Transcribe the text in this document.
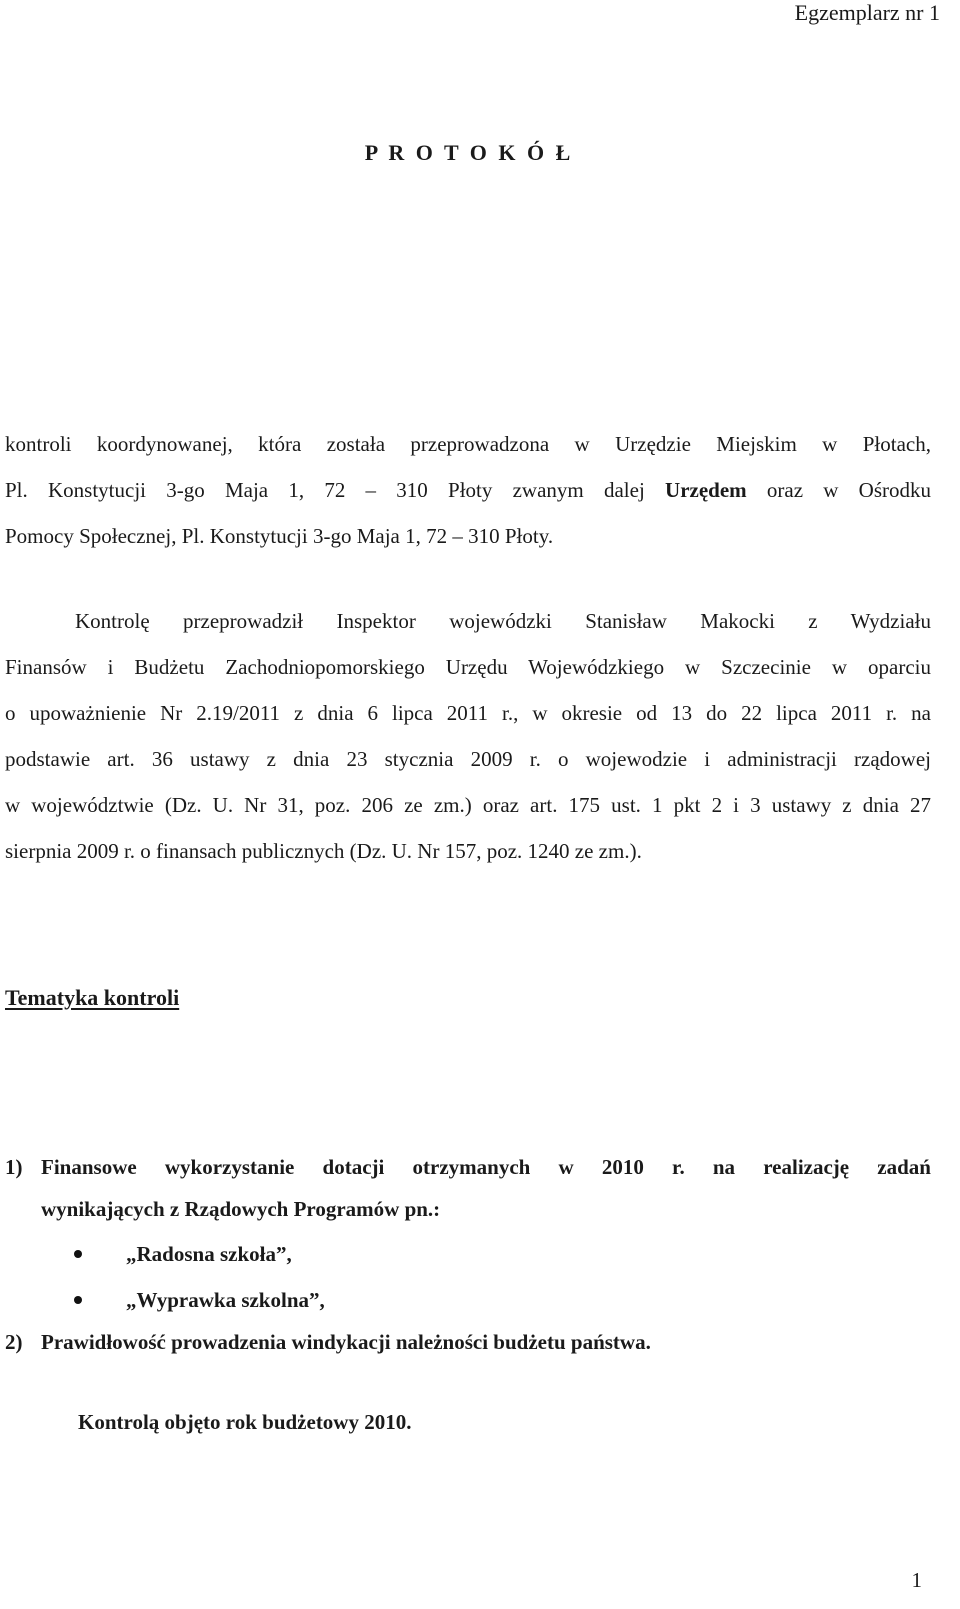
Egzemplarz nr 1
P R O T O K Ó Ł
kontroli koordynowanej, która została przeprowadzona w Urzędzie Miejskim w Płotach,
Pl. Konstytucji 3-go Maja 1, 72 – 310 Płoty zwanym dalej Urzędem oraz w Ośrodku
Pomocy Społecznej, Pl. Konstytucji 3-go Maja 1, 72 – 310 Płoty.
Kontrolę przeprowadził Inspektor wojewódzki Stanisław Makocki z Wydziału
Finansów i Budżetu Zachodniopomorskiego Urzędu Wojewódzkiego w Szczecinie w oparciu
o upoważnienie Nr 2.19/2011 z dnia 6 lipca 2011 r., w okresie od 13 do 22 lipca 2011 r. na
podstawie art. 36 ustawy z dnia 23 stycznia 2009 r. o wojewodzie i administracji rządowej
w województwie (Dz. U. Nr 31, poz. 206 ze zm.) oraz art. 175 ust. 1 pkt 2 i 3 ustawy z dnia 27
sierpnia 2009 r. o finansach publicznych (Dz. U. Nr 157, poz. 1240 ze zm.).
Tematyka kontroli
1) Finansowe wykorzystanie dotacji otrzymanych w 2010 r. na realizację zadań
wynikających z Rządowych Programów pn.:
„Radosna szkoła”,
„Wyprawka szkolna”,
2) Prawidłowość prowadzenia windykacji należności budżetu państwa.
Kontrolą objęto rok budżetowy 2010.
1
